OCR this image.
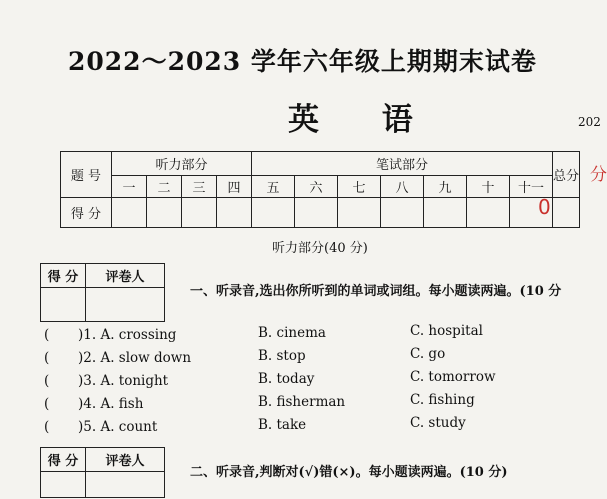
2022～2023 学年六年级上期期末试卷
英 语	202
题 号	听力部分				笔试部分							总分
	一	二	三	四	五	六	七	八	九	十	十一	
得 分													0
分
听力部分(40 分)
得 分	评卷人

一、听录音,选出你所听到的单词或词组。每小题读两遍。(10 分
( )1. A. crossing	B. cinema	C. hospital
( )2. A. slow down	B. stop	C. go
( )3. A. tonight	B. today	C. tomorrow
( )4. A. fish	B. fisherman	C. fishing
( )5. A. count	B. take	C. study
得 分	评卷人

二、听录音,判断对(√)错(×)。每小题读两遍。(10 分)
